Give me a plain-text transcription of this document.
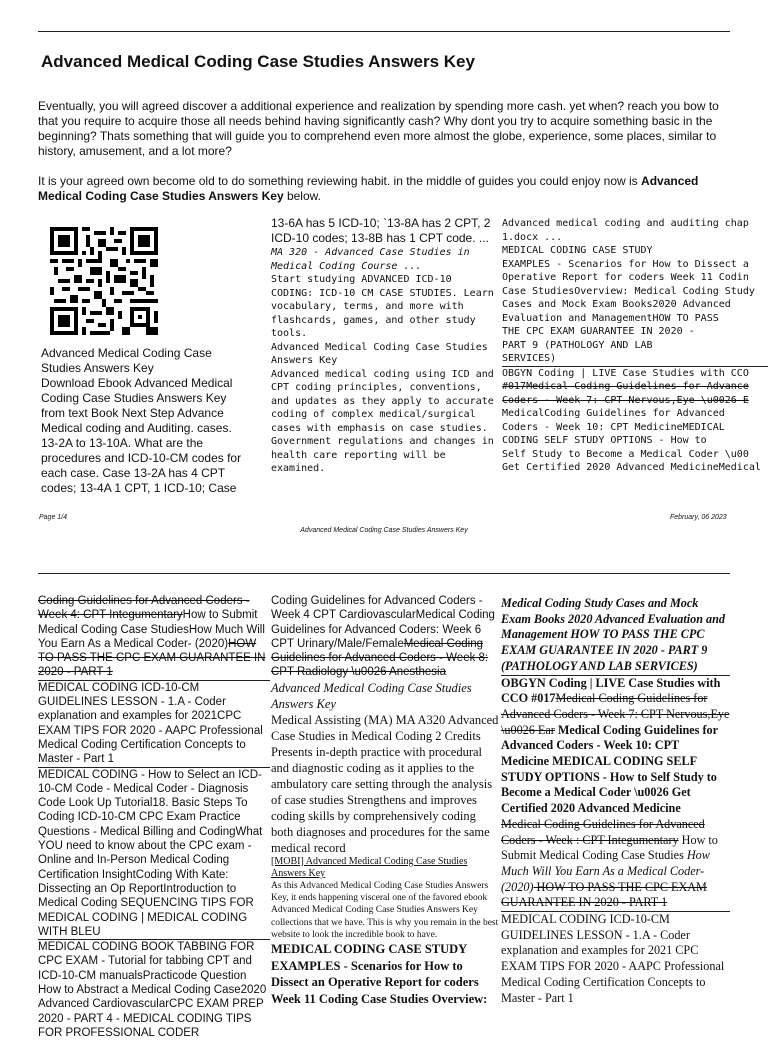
Advanced Medical Coding Case Studies Answers Key

Eventually, you will agreed discover a additional experience and realization by spending more cash. yet when? reach you bow to that you require to acquire those all needs behind having significantly cash? Why dont you try to acquire something basic in the beginning? Thats something that will guide you to comprehend even more almost the globe, experience, some places, similar to history, amusement, and a lot more?

It is your agreed own become old to do something reviewing habit. in the middle of guides you could enjoy now is Advanced Medical Coding Case Studies Answers Key below.

Advanced Medical Coding Case Studies Answers Key
Download Ebook Advanced Medical Coding Case Studies Answers Key from text Book Next Step Advance Medical coding and Auditing. cases. 13-2A to 13-10A. What are the procedures and ICD-10-CM codes for each case. Case 13-2A has 4 CPT codes; 13-4A 1 CPT, 1 ICD-10; Case
13-6A has 5 ICD-10; `13-8A has 2 CPT, 2 ICD-10 codes; 13-8B has 1 CPT code. ...
MA 320 - Advanced Case Studies in Medical Coding Course ...
Start studying ADVANCED ICD-10 CODING: ICD-10 CM CASE STUDIES. Learn vocabulary, terms, and more with flashcards, games, and other study tools.
Advanced Medical Coding Case Studies Answers Key
Advanced medical coding using ICD and CPT coding principles, conventions, and updates as they apply to accurate coding of complex medical/surgical cases with emphasis on case studies. Government regulations and changes in health care reporting will be examined.

Advanced medical coding and auditing chap

1.docx ...

MEDICAL CODING CASE STUDY

EXAMPLES - Scenarios for How to Dissect a

Operative Report for coders Week 11 Codin

Case StudiesOverview: Medical Coding Study

Cases and Mock Exam Books2020 Advanced

Evaluation and ManagementHOW TO PASS

THE CPC EXAM GUARANTEE IN 2020 -

PART 9 (PATHOLOGY AND LAB

SERVICES)

OBGYN Coding | LIVE Case Studies with CCO

#017Medical Coding Guidelines for Advance

Coders - Week 7: CPT Nervous,Eye \u0026 E

MedicalCoding Guidelines for Advanced

Coders - Week 10: CPT MedicineMEDICAL

CODING SELF STUDY OPTIONS - How to

Self Study to Become a Medical Coder \u00

Get Certified 2020 Advanced MedicineMedical

Page 1/4	February, 06 2023
Advanced Medical Coding Case Studies Answers Key

Coding Guidelines for Advanced Coders - Week 4: CPT IntegumentaryHow to Submit Medical Coding Case StudiesHow Much Will You Earn As a Medical Coder- (2020)HOW TO PASS THE CPC EXAM GUARANTEE IN 2020 - PART 1

MEDICAL CODING ICD-10-CM GUIDELINES LESSON - 1.A - Coder explanation and examples for 2021CPC EXAM TIPS FOR 2020 - AAPC Professional Medical Coding Certification Concepts to Master - Part 1

MEDICAL CODING - How to Select an ICD-10-CM Code - Medical Coder - Diagnosis Code Look Up Tutorial18. Basic Steps To Coding ICD-10-CM CPC Exam Practice Questions - Medical Billing and CodingWhat YOU need to know about the CPC exam - Online and In-Person Medical Coding Certification InsightCoding With Kate: Dissecting an Op ReportIntroduction to Medical Coding SEQUENCING TIPS FOR MEDICAL CODING | MEDICAL CODING WITH BLEU

MEDICAL CODING BOOK TABBING FOR CPC EXAM - Tutorial for tabbing CPT and ICD-10-CM manualsPracticode Question How to Abstract a Medical Coding Case2020 Advanced CardiovascularCPC EXAM PREP 2020 - PART 4 - MEDICAL CODING TIPS FOR PROFESSIONAL CODER

Coding Guidelines for Advanced Coders - Week 4 CPT CardiovascularMedical Coding Guidelines for Advanced Coders: Week 6 CPT Urinary/Male/FemaleMedical Coding Guidelines for Advanced Coders - Week 8: CPT Radiology \u0026 Anesthesia

Advanced Medical Coding Case Studies Answers Key

Medical Assisting (MA) MA A320 Advanced Case Studies in Medical Coding 2 Credits Presents in-depth practice with procedural and diagnostic coding as it applies to the ambulatory care setting through the analysis of case studies Strengthens and improves coding skills by comprehensively coding both diagnoses and procedures for the same medical record

[MOBI] Advanced Medical Coding Case Studies Answers Key

As this Advanced Medical Coding Case Studies Answers Key, it ends happening visceral one of the favored ebook Advanced Medical Coding Case Studies Answers Key collections that we have. This is why you remain in the best website to look the incredible book to have.

MEDICAL CODING CASE STUDY EXAMPLES - Scenarios for How to Dissect an Operative Report for coders Week 11 Coding Case Studies Overview:

Medical Coding Study Cases and Mock Exam Books 2020 Advanced Evaluation and Management HOW TO PASS THE CPC EXAM GUARANTEE IN 2020 - PART 9 (PATHOLOGY AND LAB SERVICES)

OBGYN Coding | LIVE Case Studies with CCO #017Medical Coding Guidelines for Advanced Coders - Week 7: CPT Nervous,Eye \u0026 Ear Medical Coding Guidelines for Advanced Coders - Week 10: CPT Medicine MEDICAL CODING SELF STUDY OPTIONS - How to Self Study to Become a Medical Coder \u0026 Get Certified 2020 Advanced Medicine

Medical Coding Guidelines for Advanced Coders - Week : CPT Integumentary How to Submit Medical Coding Case Studies How Much Will You Earn As a Medical Coder- (2020) HOW TO PASS THE CPC EXAM GUARANTEE IN 2020 - PART 1

MEDICAL CODING ICD-10-CM GUIDELINES LESSON - 1.A - Coder explanation and examples for 2021 CPC EXAM TIPS FOR 2020 - AAPC Professional Medical Coding Certification Concepts to Master - Part 1
